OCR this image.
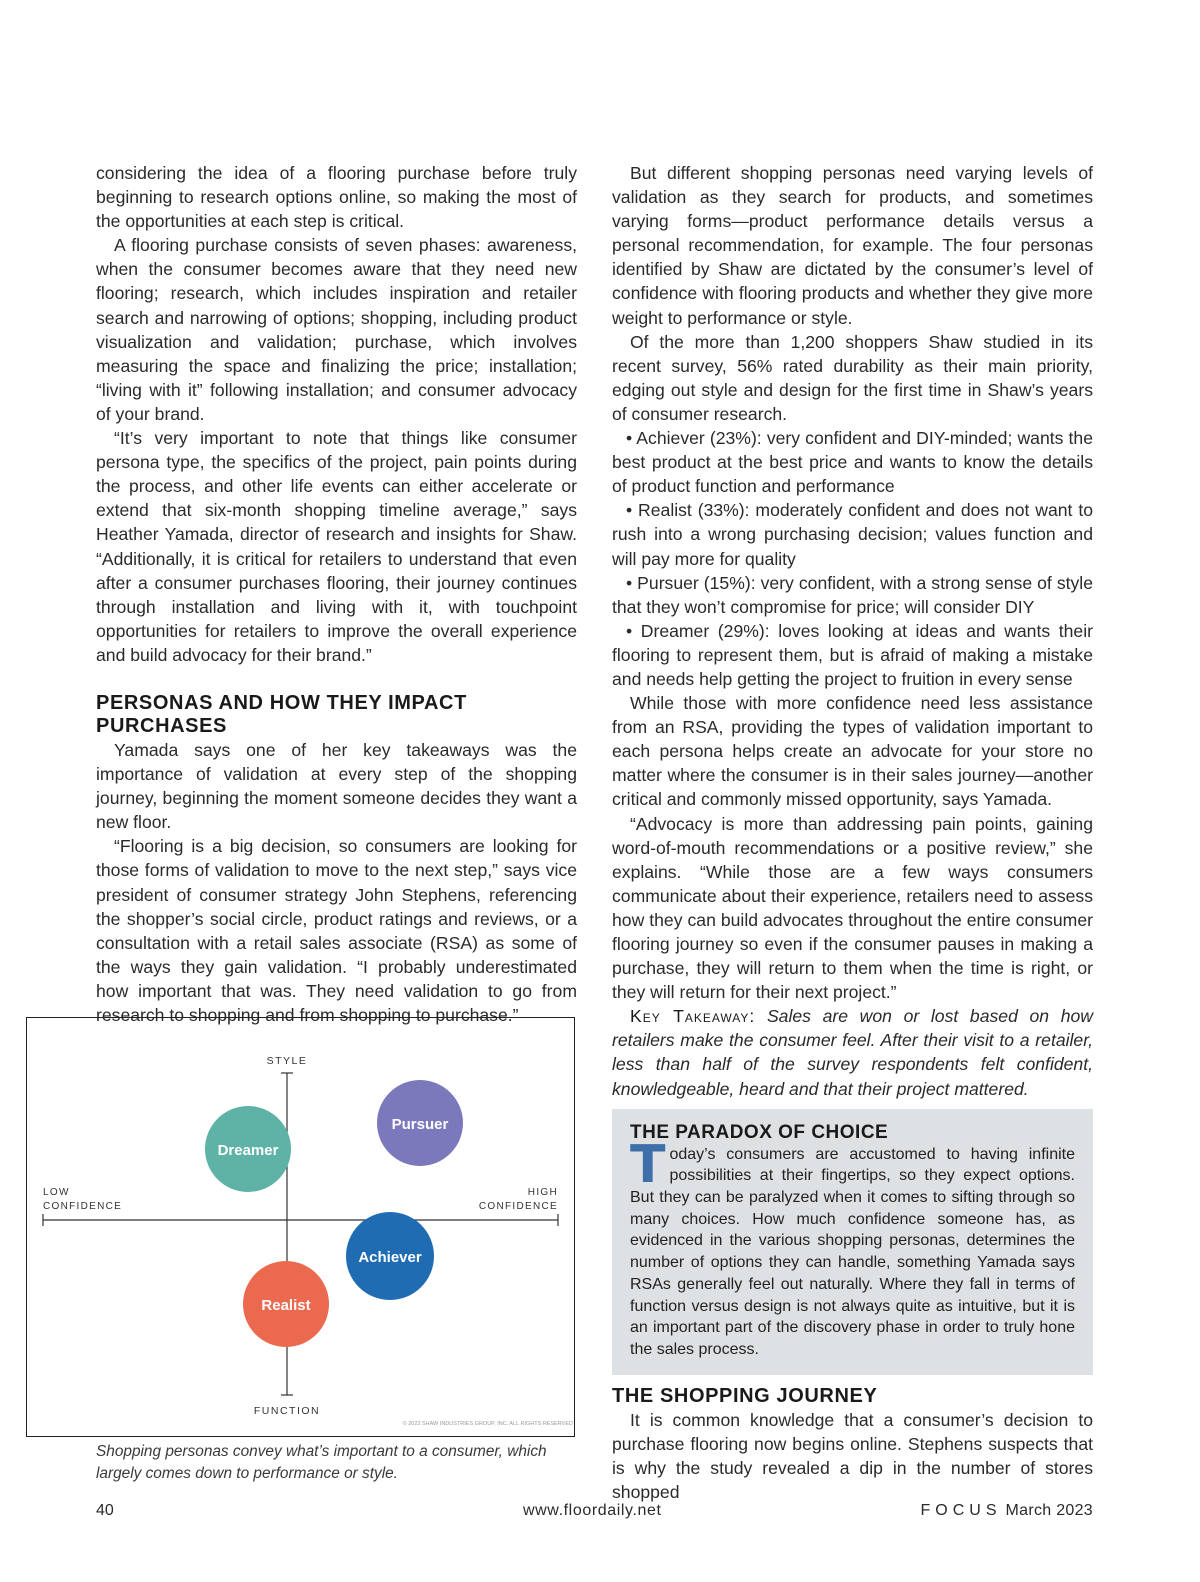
considering the idea of a flooring purchase before truly beginning to research options online, so making the most of the opportunities at each step is critical.

A flooring purchase consists of seven phases: awareness, when the consumer becomes aware that they need new flooring; research, which includes inspiration and retailer search and narrowing of options; shopping, including product visualization and validation; purchase, which involves measuring the space and finalizing the price; installation; “living with it” following installation; and consumer advocacy of your brand.

“It’s very important to note that things like consumer persona type, the specifics of the project, pain points during the process, and other life events can either accelerate or extend that six-month shopping timeline average,” says Heather Yamada, director of research and insights for Shaw. “Additionally, it is critical for retailers to understand that even after a consumer purchases flooring, their journey continues through installation and living with it, with touchpoint opportunities for retailers to improve the overall experience and build advocacy for their brand.”

PERSONAS AND HOW THEY IMPACT PURCHASES

Yamada says one of her key takeaways was the importance of validation at every step of the shopping journey, beginning the moment someone decides they want a new floor.

“Flooring is a big decision, so consumers are looking for those forms of validation to move to the next step,” says vice president of consumer strategy John Stephens, referencing the shopper’s social circle, product ratings and reviews, or a consultation with a retail sales associate (RSA) as some of the ways they gain validation. “I probably underestimated how important that was. They need validation to go from research to shopping and from shopping to purchase.”

STYLE
FUNCTION
LOW
CONFIDENCE
HIGH
CONFIDENCE
Dreamer
Pursuer
Achiever
Realist
© 2022 SHAW INDUSTRIES GROUP, INC. ALL RIGHTS RESERVED
Shopping personas convey what’s important to a consumer, which largely comes down to performance or style.

But different shopping personas need varying levels of validation as they search for products, and sometimes varying forms—product performance details versus a personal recommendation, for example. The four personas identified by Shaw are dictated by the consumer’s level of confidence with flooring products and whether they give more weight to performance or style.

Of the more than 1,200 shoppers Shaw studied in its recent survey, 56% rated durability as their main priority, edging out style and design for the first time in Shaw’s years of consumer research.

• Achiever (23%): very confident and DIY-minded; wants the best product at the best price and wants to know the details of product function and performance

• Realist (33%): moderately confident and does not want to rush into a wrong purchasing decision; values function and will pay more for quality

• Pursuer (15%): very confident, with a strong sense of style that they won’t compromise for price; will consider DIY

• Dreamer (29%): loves looking at ideas and wants their flooring to represent them, but is afraid of making a mistake and needs help getting the project to fruition in every sense

While those with more confidence need less assistance from an RSA, providing the types of validation important to each persona helps create an advocate for your store no matter where the consumer is in their sales journey—another critical and commonly missed opportunity, says Yamada.

“Advocacy is more than addressing pain points, gaining word-of-mouth recommendations or a positive review,” she explains. “While those are a few ways consumers communicate about their experience, retailers need to assess how they can build advocates throughout the entire consumer flooring journey so even if the consumer pauses in making a purchase, they will return to them when the time is right, or they will return for their next project.”

Key Takeaway: Sales are won or lost based on how retailers make the consumer feel. After their visit to a retailer, less than half of the survey respondents felt confident, knowledgeable, heard and that their project mattered.

THE PARADOX OF CHOICE

Today’s consumers are accustomed to having infinite possibilities at their fingertips, so they expect options. But they can be paralyzed when it comes to sifting through so many choices. How much confidence someone has, as evidenced in the various shopping personas, determines the number of options they can handle, something Yamada says RSAs generally feel out naturally. Where they fall in terms of function versus design is not always quite as intuitive, but it is an important part of the discovery phase in order to truly hone the sales process.

THE SHOPPING JOURNEY

It is common knowledge that a consumer’s decision to purchase flooring now begins online. Stephens suspects that is why the study revealed a dip in the number of stores shopped

40	www.floordaily.net	FOCUS March 2023
